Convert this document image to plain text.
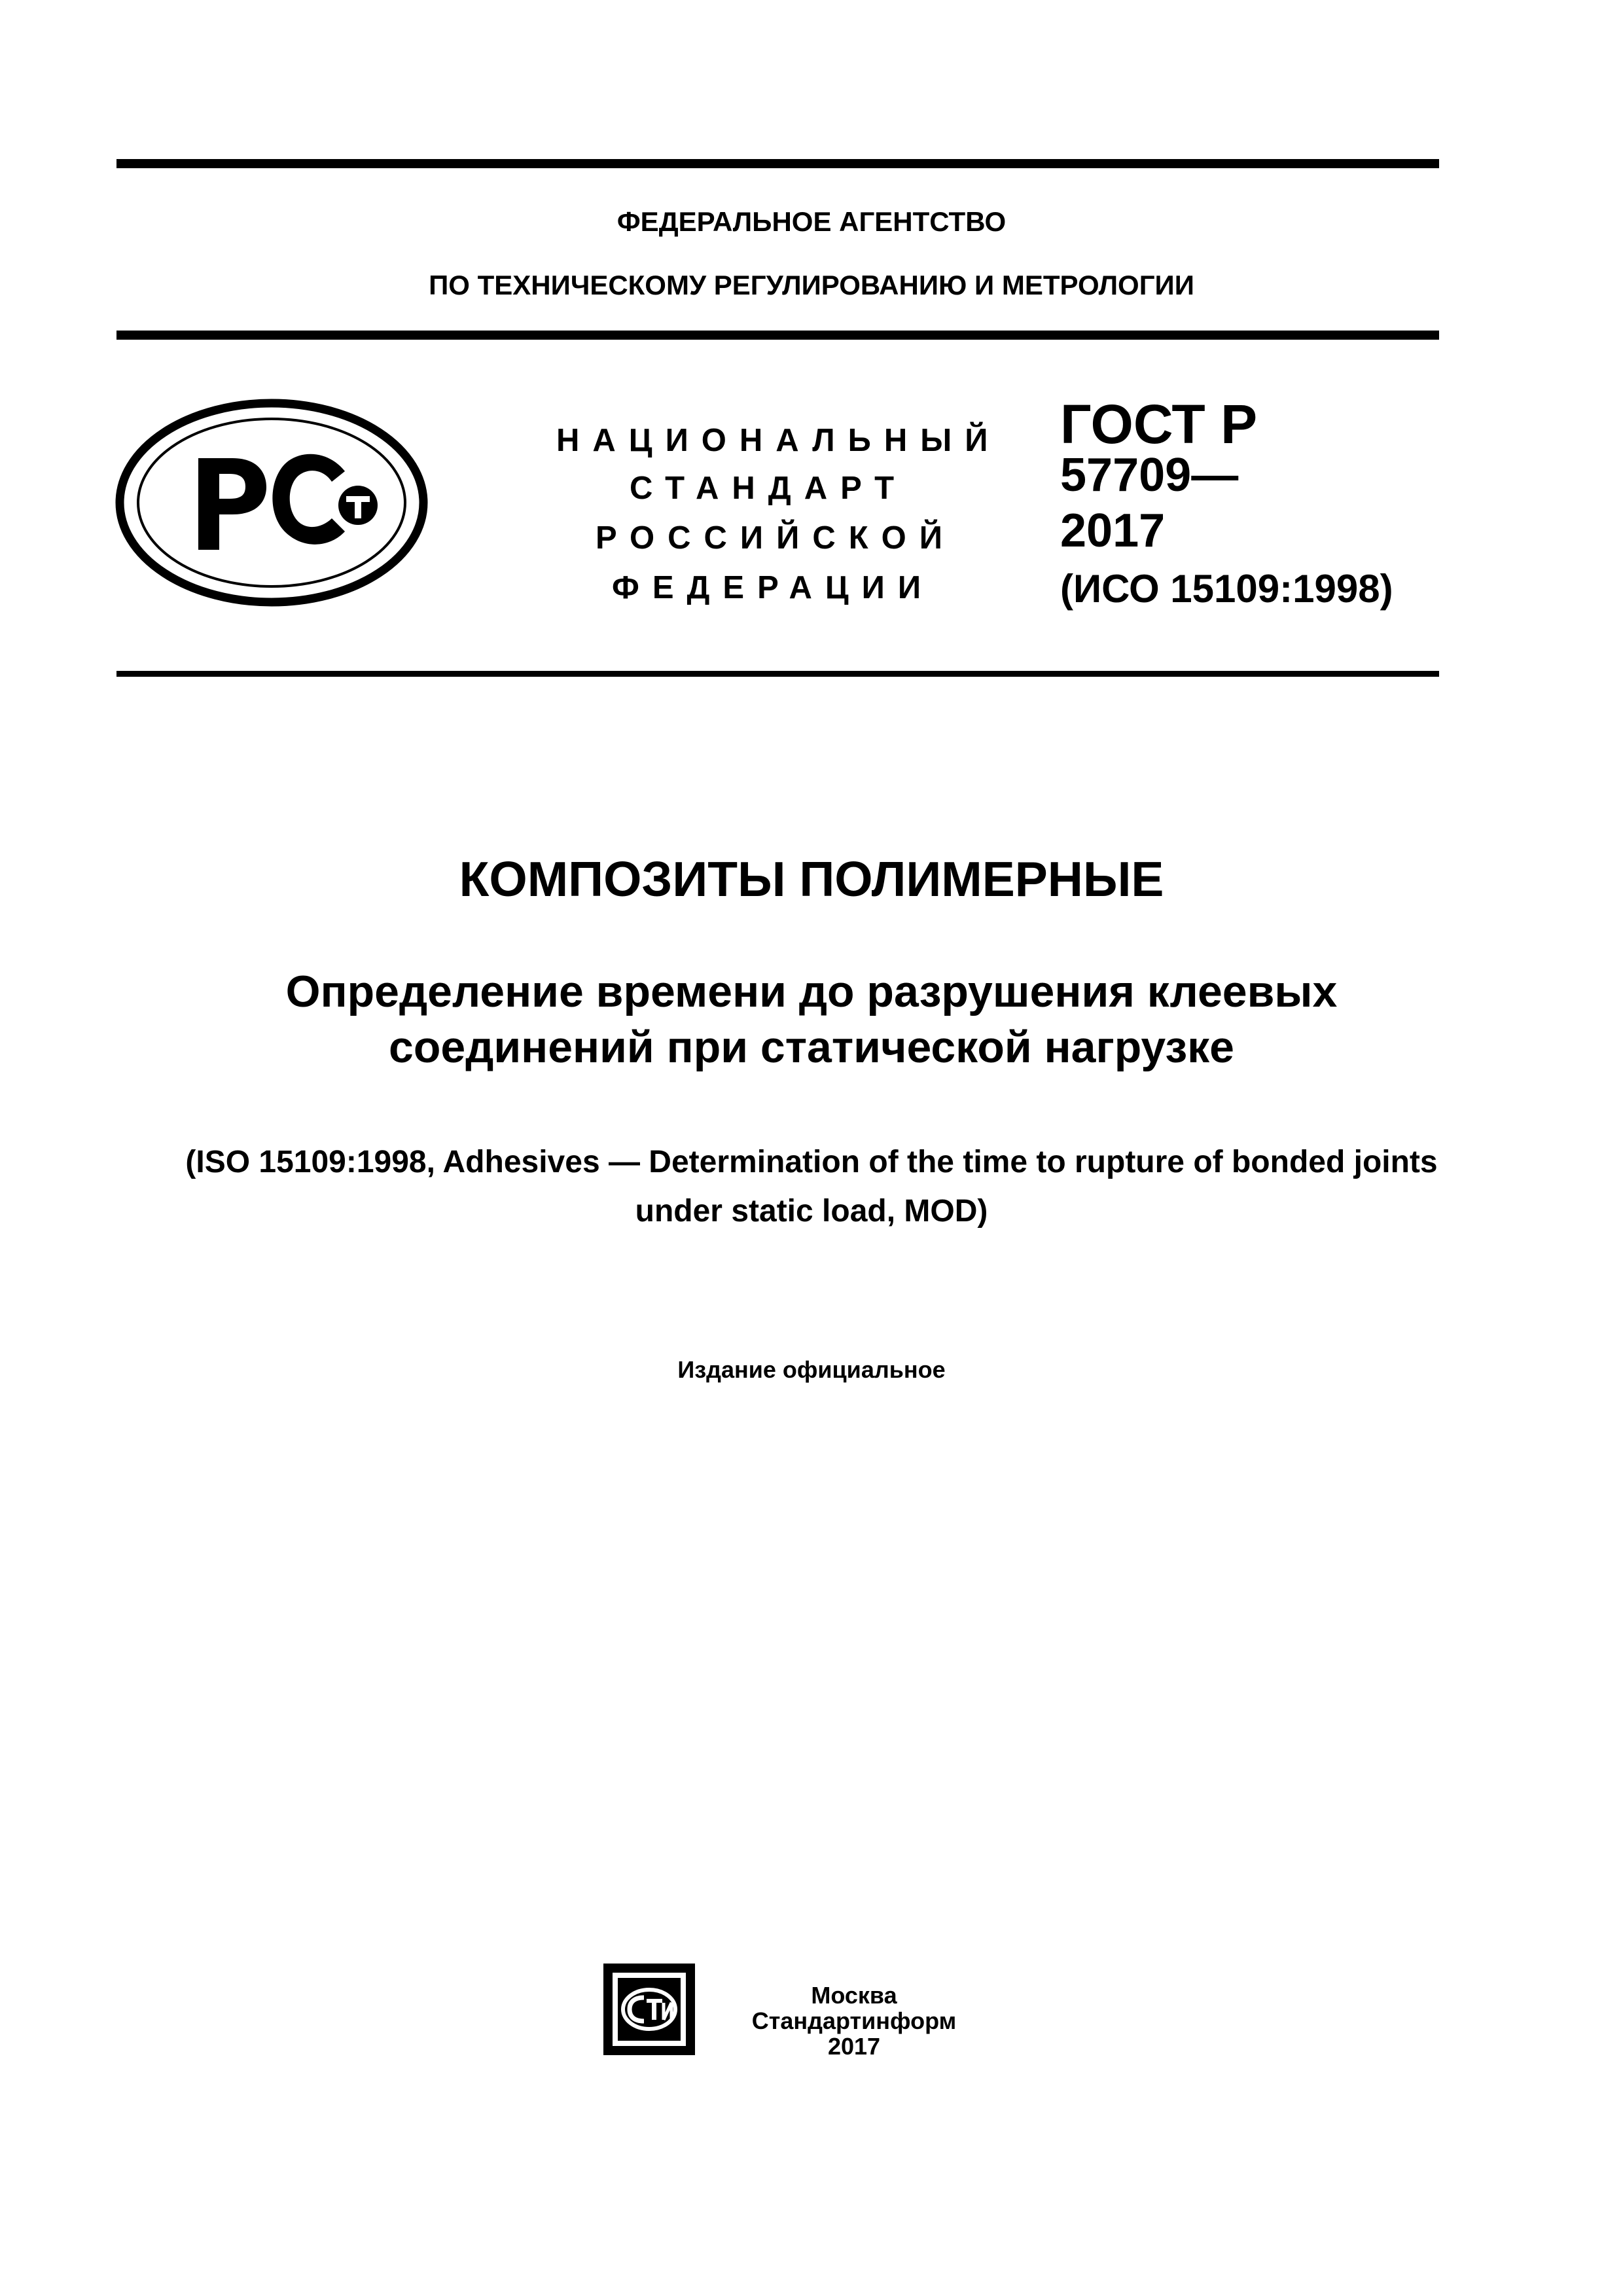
ФЕДЕРАЛЬНОЕ АГЕНТСТВО
ПО ТЕХНИЧЕСКОМУ РЕГУЛИРОВАНИЮ И МЕТРОЛОГИИ
НАЦИОНАЛЬНЫЙ
СТАНДАРТ
РОССИЙСКОЙ
ФЕДЕРАЦИИ
ГОСТ Р
57709—
2017
(ИСО 15109:1998)
КОМПОЗИТЫ ПОЛИМЕРНЫЕ
Определение времени до разрушения клеевых
соединений при статической нагрузке
(ISO 15109:1998, Adhesives — Determination of the time to rupture of bonded joints
under static load, MOD)
Издание официальное
Москва
Стандартинформ
2017
